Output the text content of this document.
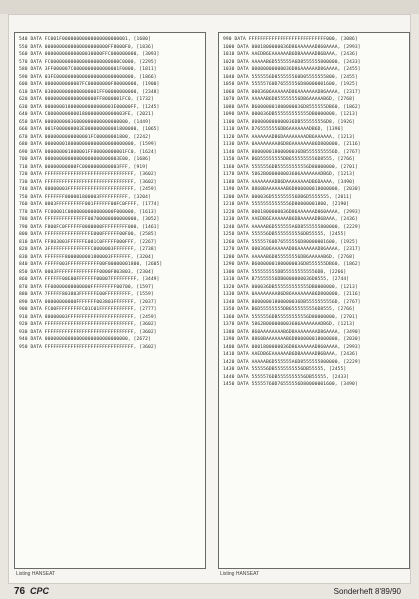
540 DATA FC001F00000000000000000000001, [1680]
550 DATA 0000000000000000000000FF8000F0, [1836]
560 DATA 00000000000000030000FFC000000000, [3093]
570 DATA FC000000000000000000000000C0000, [2295]
580 DATA 3FF000007C0000000000000001F0000, [1811]
590 DATA 03FE000000000000000000000000000, [1866]
600 DATA 0000000000007FC00000000F80000000, [1900]
610 DATA 0300000000000000001FF00000000000, [2348]
620 DATA 000000000000000000FF8000001FC0, [1732]
630 DATA 000000018000000000000003E00000FF, [1245]
640 DATA C000000000001800000000000003FE, [2021]
650 DATA 00000000036000000000000000000, [1449]
660 DATA 001F000000003E000000000001800000, [1065]
670 DATA 0000000000000001FC00000001800, [2242]
680 DATA 0000000180000000000000000000000, [1599]
690 DATA 000000001800001FF80000000001FC0, [1624]
700 DATA 00000000000000000000000003E00, [1686]
710 DATA 00000000000FC0000000000003FFF, [919]
720 DATA FFFFFFFFFFFFFFFFFFFFFFFFFFFFFFF, [3602]
730 DATA FFFFFFFFFFFFFFFFFFFFFFFFFFFFFFF, [3602]
740 DATA 80000003FFFFFFFFFFFFFFFFFFFFFFF, [2459]
750 DATA FFFFFFF000001800003FFFFFFFFFF, [3204]
760 DATA 0003FFFFFFFFFF001FFFFFF00FC0FFFF, [1774]
770 DATA FC00001C0000000000000000F000000, [1613]
780 DATA FFFFFFFFFFFFFFF00700000000000000, [3052]
790 DATA F800FC0FFFFFF0000000FFFFFFFFF000, [1461]
800 DATA FFFFFFFFFFFFFFFFE000FFFFFF00F00, [2585]
810 DATA FF803003FFFFFFE001C0FFFFF000FFF, [2267]
820 DATA 3FFFFFFFFFFFFFFFC0000003FFFFFFF, [2738]
830 DATA FFFFFFF8000000001800003FFFFFFF, [3204]
840 DATA FFFFF003FFFFFFFFFFF00F00000001800, [2605]
850 DATA 0003FFFFFFFFFFFFFFF0000F803803, [2304]
860 DATA FFFFFF00E00FFFFFFF00007FFFFFFFFF, [3449]
870 DATA FF00000000000000FFFFFFFFF00700, [1597]
880 DATA 7FFFFF803803FFFFFFE00FFFFFFFFF, [1559]
890 DATA 00000000000FFFFFFF003803FFFFFFF, [2037]
900 DATA FC00FFFFFFFFFC01C01FFFFFFFFFFFF, [2777]
910 DATA 80000003FFFFFFFFFFFFFFFFFFFFFFF, [2459]
920 DATA FFFFFFFFFFFFFFFFFFFFFFFFFFFFFFF, [3602]
930 DATA FFFFFFFFFFFFFFFFFFFFFFFFFFFFFFF, [3602]
940 DATA 00000000000000000000000000000, [2672]
950 DATA FFFFFFFFFFFFFFFFFFFFFFFFFFFFFFF, [3602]
990 DATA FFFFFFFFFFFFFFFFFFFFFFFFFFF000, [3086]
1000 DATA 0001800000036D86AAAAAAD860AAAA, [2993]
1010 DATA AAEDB6EAAAAAAB6DBAAAAADB6BAAA, [2436]
1020 DATA AAAAAB6D555555A6D8555555800000, [2433]
1030 DATA 00000000000036D86AAAAAAD86AAAA, [2455]
1040 DATA 5555556D855555560D05555555800, [2455]
1050 DATA 55555760D76555556D80000001600, [1925]
1060 DATA 0003606AAAAAAD86AAAAAAAD86AAAA, [2317]
1070 DATA AAAAAB6D855555556DB6AAAAAB6D, [2768]
1080 DATA B60000001800000036D8555555DB60, [1862]
1090 DATA 000036DB555555555555DB0000000, [1213]
1100 DATA 800000000000036DB555555556D8, [1926]
1110 DATA D765555556DB6AAAAAAADB6D, [1396]
1120 DATA AAAAAAADB6DAAAAAAAADB6AAAAAA, [1213]
1130 DATA 0AAAAAAAA86D86AAAAAAA86D800000, [2116]
1140 DATA 80000001800000036DB5555555556D, [2767]
1150 DATA B6D55555555DB6555555556D8555, [2766]
1160 DATA 5555556DB55555555556D80000000, [2701]
1170 DATA 5862B000000003606AAAAAAADB6D, [1213]
1180 DATA AAAAAAAADB6DAAAAAAAADB6DAAAA, [3490]
1190 DATA 8860BAAAAAAAB6D800000018000000, [2030]
1200 DATA 000036D555555556DB6D5555555, [2011]
1210 DATA 55555555555556D80000001800, [2190]
1220 DATA 0001800000036D86AAAAAAD860AAAA, [2993]
1230 DATA AAEDB6EAAAAAAB6DBAAAAADB6BAAA, [2436]
1240 DATA AAAAAB6D555555A6D8555555800000, [2229]
1250 DATA 555556DB5555555556DB55555, [2455]
1260 DATA 55555760D76555556D80000001600, [1925]
1270 DATA 0003606AAAAAAD86AAAAAAAD86AAAA, [2317]
1280 DATA AAAAAB6D855555556DB6AAAAAB6D, [2768]
1290 DATA B60000001800000036D8555555DB60, [1862]
1300 DATA 555555555DB555555555556DB, [2266]
1310 DATA B75555556DB0000000036D8555, [2744]
1320 DATA 000036DB555555555555DB0000000, [1213]
1330 DATA 0AAAAAAAA86D86AAAAAAA86D800000, [2116]
1340 DATA 80000001800000036DB5555555556D, [2767]
1350 DATA B6D55555555DB6555555556D8555, [2766]
1360 DATA 5555556DB55555555556D80000000, [2701]
1370 DATA 5862B000000003606AAAAAAADB6D, [1213]
1380 DATA 860AAAAAAAAB6D8AAAAAAAAD86AAAA, [3490]
1390 DATA 8860BAAAAAAAB6D800000018000000, [2030]
1400 DATA 0001800000036D86AAAAAAD860AAAA, [2993]
1410 DATA AAEDB6EAAAAAAB6DBAAAAADB6BAAA, [2436]
1420 DATA AAAAAB6D555555A6D8555555800000, [2229]
1430 DATA 555556DB5555555556DB55555, [2455]
1440 DATA 5555576DB5555555556DB55555, [2433]
1450 DATA 55555760D76555556D80000001600, [3490]
Listing HANSEAT	Listing HANSEAT
76 CPC	Sonderheft 8'89/90
